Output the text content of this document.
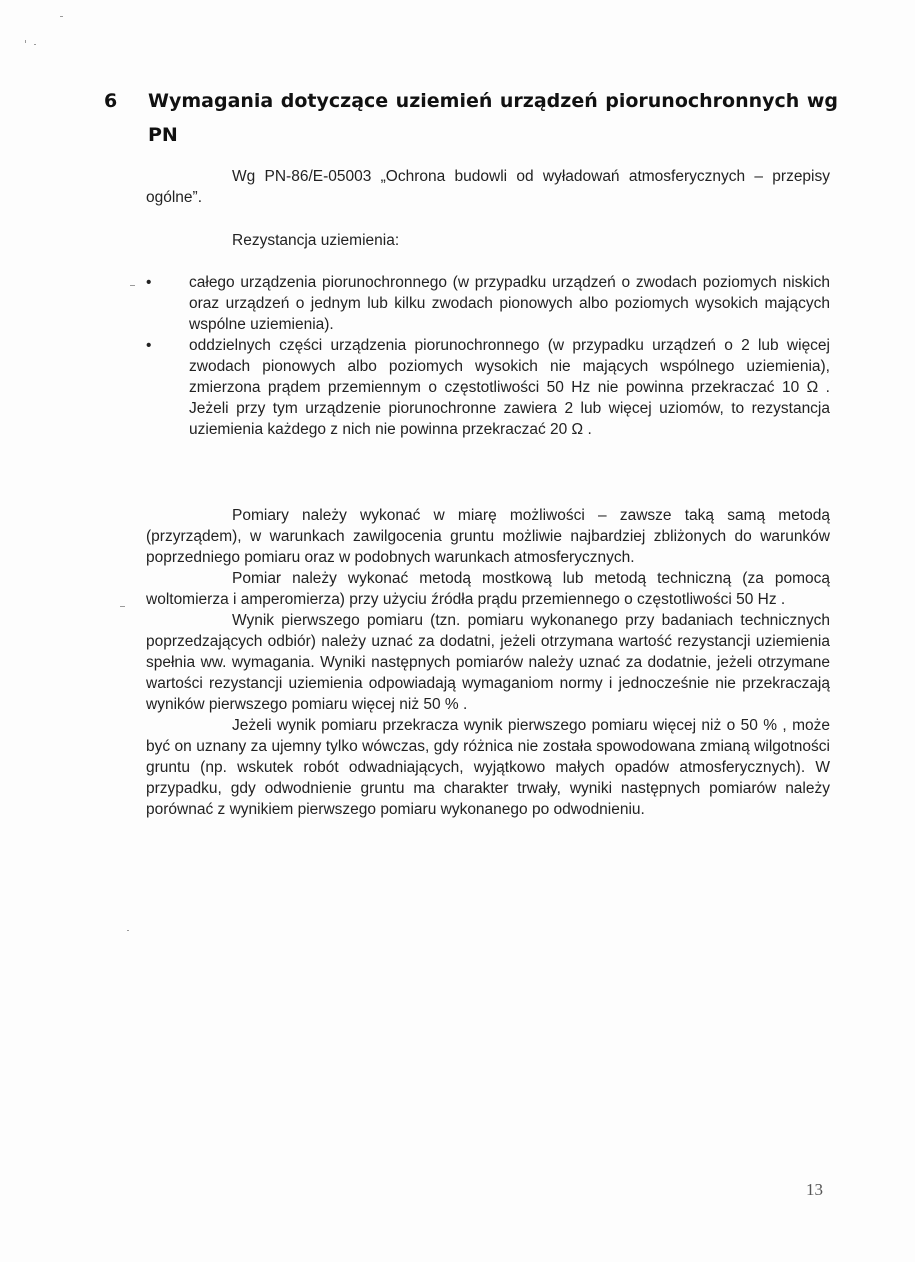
6 Wymagania dotyczące uziemień urządzeń piorunochronnych wg PN

Wg PN-86/E-05003 „Ochrona budowli od wyładowań atmosferycznych – przepisy ogólne”.

Rezystancja uziemienia:

• całego urządzenia piorunochronnego (w przypadku urządzeń o zwodach poziomych niskich oraz urządzeń o jednym lub kilku zwodach pionowych albo poziomych wysokich mających wspólne uziemienia).
• oddzielnych części urządzenia piorunochronnego (w przypadku urządzeń o 2 lub więcej zwodach pionowych albo poziomych wysokich nie mających wspólnego uziemienia), zmierzona prądem przemiennym o częstotliwości 50 Hz nie powinna przekraczać 10 Ω . Jeżeli przy tym urządzenie piorunochronne zawiera 2 lub więcej uziomów, to rezystancja uziemienia każdego z nich nie powinna przekraczać 20 Ω .

Pomiary należy wykonać w miarę możliwości – zawsze taką samą metodą (przyrządem), w warunkach zawilgocenia gruntu możliwie najbardziej zbliżonych do warunków poprzedniego pomiaru oraz w podobnych warunkach atmosferycznych.

Pomiar należy wykonać metodą mostkową lub metodą techniczną (za pomocą woltomierza i amperomierza) przy użyciu źródła prądu przemiennego o częstotliwości 50 Hz .

Wynik pierwszego pomiaru (tzn. pomiaru wykonanego przy badaniach technicznych poprzedzających odbiór) należy uznać za dodatni, jeżeli otrzymana wartość rezystancji uziemienia spełnia ww. wymagania. Wyniki następnych pomiarów należy uznać za dodatnie, jeżeli otrzymane wartości rezystancji uziemienia odpowiadają wymaganiom normy i jednocześnie nie przekraczają wyników pierwszego pomiaru więcej niż 50 % .

Jeżeli wynik pomiaru przekracza wynik pierwszego pomiaru więcej niż o 50 % , może być on uznany za ujemny tylko wówczas, gdy różnica nie została spowodowana zmianą wilgotności gruntu (np. wskutek robót odwadniających, wyjątkowo małych opadów atmosferycznych). W przypadku, gdy odwodnienie gruntu ma charakter trwały, wyniki następnych pomiarów należy porównać z wynikiem pierwszego pomiaru wykonanego po odwodnieniu.

13
